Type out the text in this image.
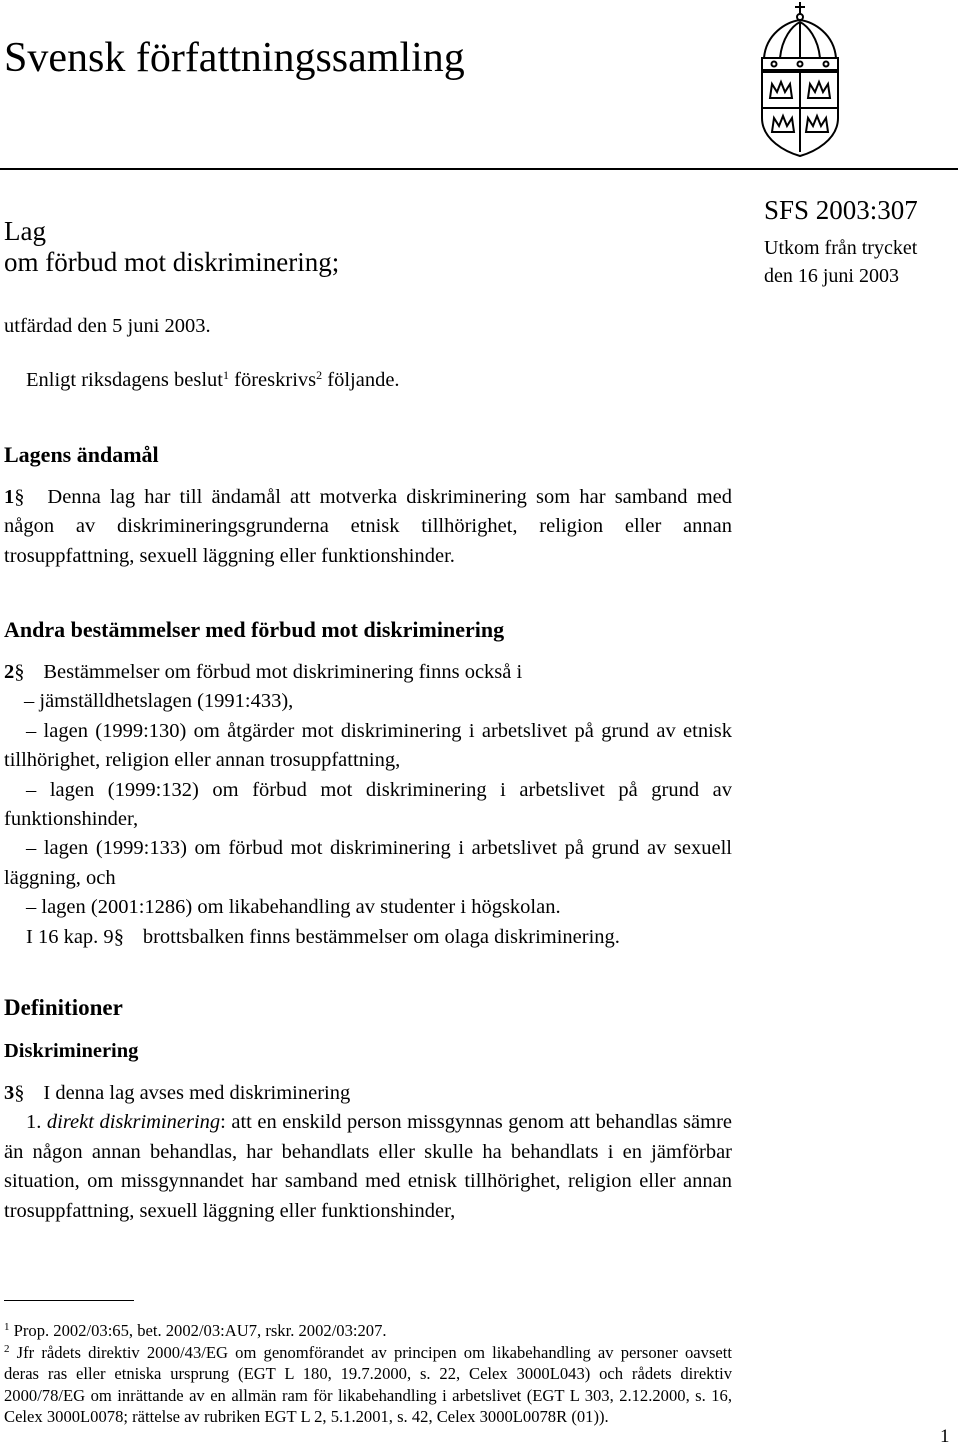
Svensk författningssamling
Lag
om förbud mot diskriminering;
SFS 2003:307
Utkom från trycket
den 16 juni 2003
utfärdad den 5 juni 2003.
Enligt riksdagens beslut$^1$ föreskrivs$^2$ följande.
Lagens ändamål
1§ Denna lag har till ändamål att motverka diskriminering som har samband med någon av diskrimineringsgrunderna etnisk tillhörighet, religion eller annan trosuppfattning, sexuell läggning eller funktionshinder.
Andra bestämmelser med förbud mot diskriminering
2§ Bestämmelser om förbud mot diskriminering finns också i
– jämställdhetslagen (1991:433),
– lagen (1999:130) om åtgärder mot diskriminering i arbetslivet på grund av etnisk tillhörighet, religion eller annan trosuppfattning,
– lagen (1999:132) om förbud mot diskriminering i arbetslivet på grund av funktionshinder,
– lagen (1999:133) om förbud mot diskriminering i arbetslivet på grund av sexuell läggning, och
– lagen (2001:1286) om likabehandling av studenter i högskolan.
I 16 kap. 9§ brottsbalken finns bestämmelser om olaga diskriminering.
Definitioner
Diskriminering
3§ I denna lag avses med diskriminering
1. direkt diskriminering: att en enskild person missgynnas genom att behandlas sämre än någon annan behandlas, har behandlats eller skulle ha behandlats i en jämförbar situation, om missgynnandet har samband med etnisk tillhörighet, religion eller annan trosuppfattning, sexuell läggning eller funktionshinder,
$^1$ Prop. 2002/03:65, bet. 2002/03:AU7, rskr. 2002/03:207.
$^2$ Jfr rådets direktiv 2000/43/EG om genomförandet av principen om likabehandling av personer oavsett deras ras eller etniska ursprung (EGT L 180, 19.7.2000, s. 22, Celex 3000L043) och rådets direktiv 2000/78/EG om inrättande av en allmän ram för likabehandling i arbetslivet (EGT L 303, 2.12.2000, s. 16, Celex 3000L0078; rättelse av rubriken EGT L 2, 5.1.2001, s. 42, Celex 3000L0078R (01)).
1
